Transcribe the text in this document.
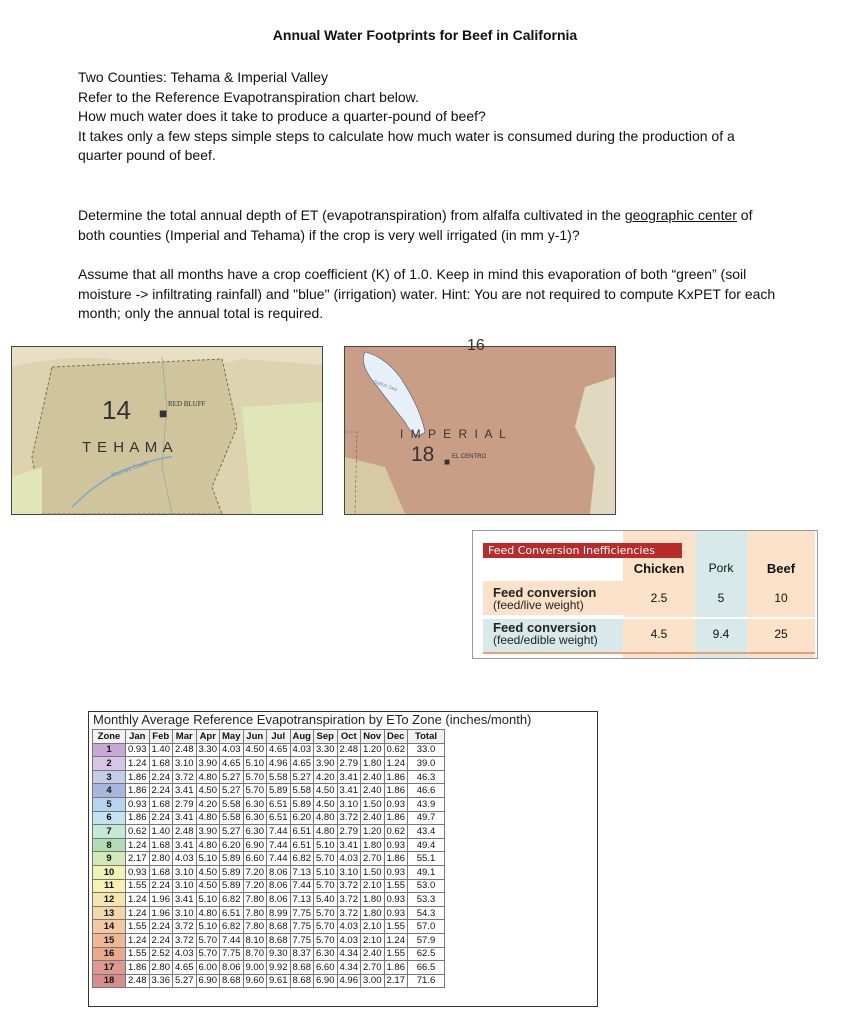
Annual Water Footprints for Beef in California
Two Counties: Tehama & Imperial Valley
Refer to the Reference Evapotranspiration chart below.
How much water does it take to produce a quarter-pound of beef?
It takes only a few steps simple steps to calculate how much water is consumed during the production of a quarter pound of beef.
Determine the total annual depth of ET (evapotranspiration) from alfalfa cultivated in the geographic center of both counties (Imperial and Tehama) if the crop is very well irrigated (in mm y-1)?
Assume that all months have a crop coefficient (K) of 1.0. Keep in mind this evaporation of both “green” (soil moisture -> infiltrating rainfall) and "blue" (irrigation) water. Hint: You are not required to compute KxPET for each month; only the annual total is required.
14 ■
RED BLUFF
T E H A M A
Thomes Creek
16
Salton Sea
I M P E R I A L
18 ■ EL CENTRO
Feed Conversion Inefficiencies
Chicken	Pork	Beef
Feed conversion
(feed/live weight)	2.5	5	10
Feed conversion
(feed/edible weight)	4.5	9.4	25
Monthly Average Reference Evapotranspiration by ETo Zone (inches/month)
Zone	Jan	Feb	Mar	Apr	May	Jun	Jul	Aug	Sep	Oct	Nov	Dec	Total
1	0.93	1.40	2.48	3.30	4.03	4.50	4.65	4.03	3.30	2.48	1.20	0.62	33.0
2	1.24	1.68	3.10	3.90	4.65	5.10	4.96	4.65	3.90	2.79	1.80	1.24	39.0
3	1.86	2.24	3.72	4.80	5.27	5.70	5.58	5.27	4.20	3.41	2.40	1.86	46.3
4	1.86	2.24	3.41	4.50	5.27	5.70	5.89	5.58	4.50	3.41	2.40	1.86	46.6
5	0.93	1.68	2.79	4.20	5.58	6.30	6.51	5.89	4.50	3.10	1.50	0.93	43.9
6	1.86	2.24	3.41	4.80	5.58	6.30	6.51	6.20	4.80	3.72	2.40	1.86	49.7
7	0.62	1.40	2.48	3.90	5.27	6.30	7.44	6.51	4.80	2.79	1.20	0.62	43.4
8	1.24	1.68	3.41	4.80	6.20	6.90	7.44	6.51	5.10	3.41	1.80	0.93	49.4
9	2.17	2.80	4.03	5.10	5.89	6.60	7.44	6.82	5.70	4.03	2.70	1.86	55.1
10	0.93	1.68	3.10	4.50	5.89	7.20	8.06	7.13	5.10	3.10	1.50	0.93	49.1
11	1.55	2.24	3.10	4.50	5.89	7.20	8.06	7.44	5.70	3.72	2.10	1.55	53.0
12	1.24	1.96	3.41	5.10	6.82	7.80	8.06	7.13	5.40	3.72	1.80	0.93	53.3
13	1.24	1.96	3.10	4.80	6.51	7.80	8.99	7.75	5.70	3.72	1.80	0.93	54.3
14	1.55	2.24	3.72	5.10	6.82	7.80	8.68	7.75	5.70	4.03	2.10	1.55	57.0
15	1.24	2.24	3.72	5.70	7.44	8.10	8.68	7.75	5.70	4.03	2.10	1.24	57.9
16	1.55	2.52	4.03	5.70	7.75	8.70	9.30	8.37	6.30	4.34	2.40	1.55	62.5
17	1.86	2.80	4.65	6.00	8.06	9.00	9.92	8.68	6.60	4.34	2.70	1.86	66.5
18	2.48	3.36	5.27	6.90	8.68	9.60	9.61	8.68	6.90	4.96	3.00	2.17	71.6
